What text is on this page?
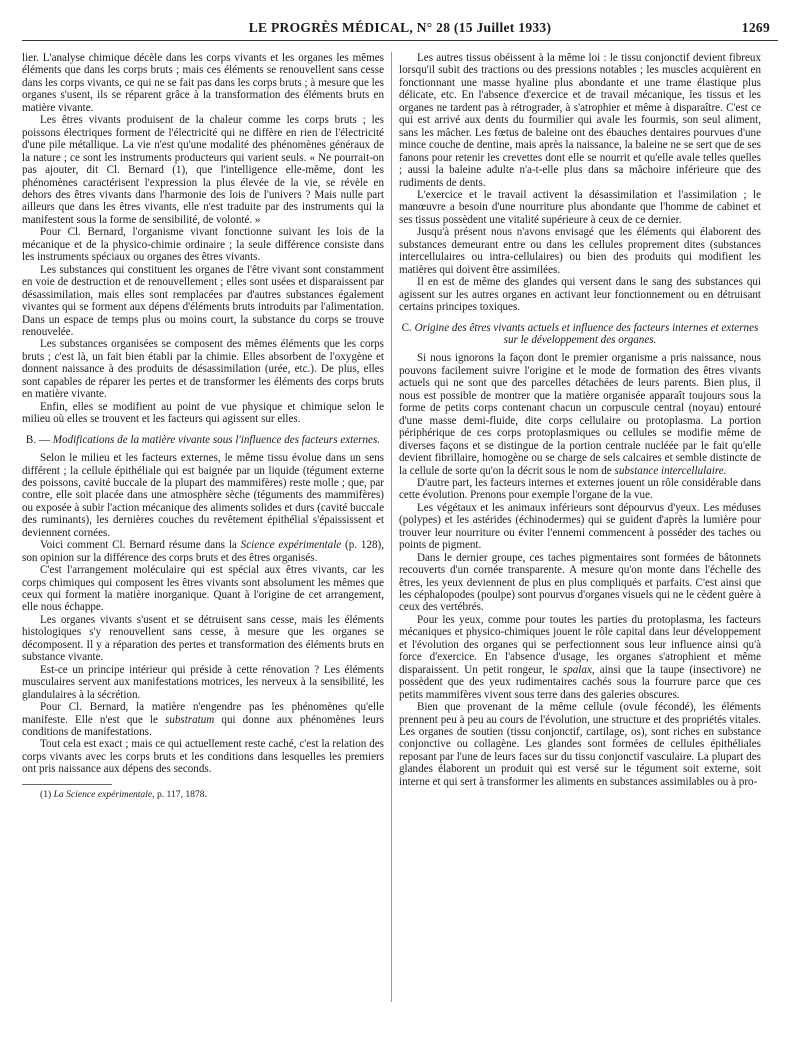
LE PROGRÈS MÉDICAL, N° 28 (15 Juillet 1933)	1269

lier. L'analyse chimique décèle dans les corps vivants et les organes les mêmes éléments que dans les corps bruts ; mais ces éléments se renouvellent sans cesse dans les corps vivants, ce qui ne se fait pas dans les corps bruts ; à mesure que les organes s'usent, ils se réparent grâce à la transformation des éléments bruts en matière vivante.

Les êtres vivants produisent de la chaleur comme les corps bruts ; les poissons électriques forment de l'électricité qui ne diffère en rien de l'électricité d'une pile métallique. La vie n'est qu'une modalité des phénomènes généraux de la nature ; ce sont les instruments producteurs qui varient seuls. « Ne pourrait-on pas ajouter, dit Cl. Bernard (1), que l'intelligence elle-même, dont les phénomènes caractérisent l'expression la plus élevée de la vie, se révèle en dehors des êtres vivants dans l'harmonie des lois de l'univers ? Mais nulle part ailleurs que dans les êtres vivants, elle n'est traduite par des instruments qui la manifestent sous la forme de sensibilité, de volonté. »

Pour Cl. Bernard, l'organisme vivant fonctionne suivant les lois de la mécanique et de la physico-chimie ordinaire ; la seule différence consiste dans les instruments spéciaux ou organes des êtres vivants.

Les substances qui constituent les organes de l'être vivant sont constamment en voie de destruction et de renouvellement ; elles sont usées et disparaissent par désassimilation, mais elles sont remplacées par d'autres substances également vivantes qui se forment aux dépens d'éléments bruts introduits par l'alimentation. Dans un espace de temps plus ou moins court, la substance du corps se trouve renouvelée.

Les substances organisées se composent des mêmes éléments que les corps bruts ; c'est là, un fait bien établi par la chimie. Elles absorbent de l'oxygène et donnent naissance à des produits de désassimilation (urée, etc.). De plus, elles sont capables de réparer les pertes et de transformer les éléments des corps bruts en matière vivante.

Enfin, elles se modifient au point de vue physique et chimique selon le milieu où elles se trouvent et les facteurs qui agissent sur elles.

B. — Modifications de la matière vivante sous l'influence des facteurs externes.

Selon le milieu et les facteurs externes, le même tissu évolue dans un sens différent ; la cellule épithéliale qui est baignée par un liquide (tégument externe des poissons, cavité buccale de la plupart des mammifères) reste molle ; que, par contre, elle soit placée dans une atmosphère sèche (téguments des mammifères) ou exposée à subir l'action mécanique des aliments solides et durs (cavité buccale des ruminants), les dernières couches du revêtement épithélial s'épaississent et deviennent cornées.

Voici comment Cl. Bernard résume dans la Science expérimentale (p. 128), son opinion sur la différence des corps bruts et des êtres organisés.

C'est l'arrangement moléculaire qui est spécial aux êtres vivants, car les corps chimiques qui composent les êtres vivants sont absolument les mêmes que ceux qui forment la matière inorganique. Quant à l'origine de cet arrangement, elle nous échappe.

Les organes vivants s'usent et se détruisent sans cesse, mais les éléments histologiques s'y renouvellent sans cesse, à mesure que les organes se décomposent. Il y a réparation des pertes et transformation des éléments bruts en substance vivante.

Est-ce un principe intérieur qui préside à cette rénovation ? Les éléments musculaires servent aux manifestations motrices, les nerveux à la sensibilité, les glandulaires à la sécrétion.

Pour Cl. Bernard, la matière n'engendre pas les phénomènes qu'elle manifeste. Elle n'est que le substratum qui donne aux phénomènes leurs conditions de manifestations.

Tout cela est exact ; mais ce qui actuellement reste caché, c'est la relation des corps vivants avec les corps bruts et les conditions dans lesquelles les premiers ont pris naissance aux dépens des seconds.

(1) La Science expérimentale, p. 117, 1878.

Les autres tissus obéissent à la même loi : le tissu conjonctif devient fibreux lorsqu'il subit des tractions ou des pressions notables ; les muscles acquièrent en fonctionnant une masse hyaline plus abondante et une trame élastique plus délicate, etc. En l'absence d'exercice et de travail mécanique, les tissus et les organes ne tardent pas à rétrograder, à s'atrophier et même à disparaître. C'est ce qui est arrivé aux dents du fourmilier qui avale les fourmis, son seul aliment, sans les mâcher. Les fœtus de baleine ont des ébauches dentaires pourvues d'une mince couche de dentine, mais après la naissance, la baleine ne se sert que de ses fanons pour retenir les crevettes dont elle se nourrit et qu'elle avale telles quelles ; aussi la baleine adulte n'a-t-elle plus dans sa mâchoire inférieure que des rudiments de dents.

L'exercice et le travail activent la désassimilation et l'assimilation ; le manœuvre a besoin d'une nourriture plus abondante que l'homme de cabinet et ses tissus possèdent une vitalité supérieure à ceux de ce dernier.

Jusqu'à présent nous n'avons envisagé que les éléments qui élaborent des substances demeurant entre ou dans les cellules proprement dites (substances intercellulaires ou intra-cellulaires) ou bien des produits qui modifient les matières qui doivent être assimilées.

Il en est de même des glandes qui versent dans le sang des substances qui agissent sur les autres organes en activant leur fonctionnement ou en détruisant certains principes toxiques.

C. Origine des êtres vivants actuels et influence des facteurs internes et externes sur le développement des organes.

Si nous ignorons la façon dont le premier organisme a pris naissance, nous pouvons facilement suivre l'origine et le mode de formation des êtres vivants actuels qui ne sont que des parcelles détachées de leurs parents. Bien plus, il nous est possible de montrer que la matière organisée apparaît toujours sous la forme de petits corps contenant chacun un corpuscule central (noyau) entouré d'une masse demi-fluide, dite corps cellulaire ou protoplasma. La portion périphérique de ces corps protoplasmiques ou cellules se modifie même de diverses façons et se distingue de la portion centrale nucléée par le fait qu'elle devient fibrillaire, homogène ou se charge de sels calcaires et semble distincte de la cellule de sorte qu'on la décrit sous le nom de substance intercellulaire.

D'autre part, les facteurs internes et externes jouent un rôle considérable dans cette évolution. Prenons pour exemple l'organe de la vue.

Les végétaux et les animaux inférieurs sont dépourvus d'yeux. Les méduses (polypes) et les astérides (échinodermes) qui se guident d'après la lumière pour trouver leur nourriture ou éviter l'ennemi commencent à posséder des taches ou points de pigment.

Dans le dernier groupe, ces taches pigmentaires sont formées de bâtonnets recouverts d'un cornée transparente. A mesure qu'on monte dans l'échelle des êtres, les yeux deviennent de plus en plus compliqués et parfaits. C'est ainsi que les céphalopodes (poulpe) sont pourvus d'organes visuels qui ne le cèdent guère à ceux des vertébrés.

Pour les yeux, comme pour toutes les parties du protoplasma, les facteurs mécaniques et physico-chimiques jouent le rôle capital dans leur développement et l'évolution des organes qui se perfectionnent sous leur influence ainsi qu'à force d'exercice. En l'absence d'usage, les organes s'atrophient et même disparaissent. Un petit rongeur, le spalax, ainsi que la taupe (insectivore) ne possèdent que des yeux rudimentaires cachés sous la fourrure parce que ces petits mammifères vivent sous terre dans des galeries obscures.

Bien que provenant de la même cellule (ovule fécondé), les éléments prennent peu à peu au cours de l'évolution, une structure et des propriétés vitales. Les organes de soutien (tissu conjonctif, cartilage, os), sont riches en substance conjonctive ou collagène. Les glandes sont formées de cellules épithéliales reposant par l'une de leurs faces sur du tissu conjonctif vasculaire. La plupart des glandes élaborent un produit qui est versé sur le tégument soit externe, soit interne et qui sert à transformer les aliments en substances assimilables ou à pro-
